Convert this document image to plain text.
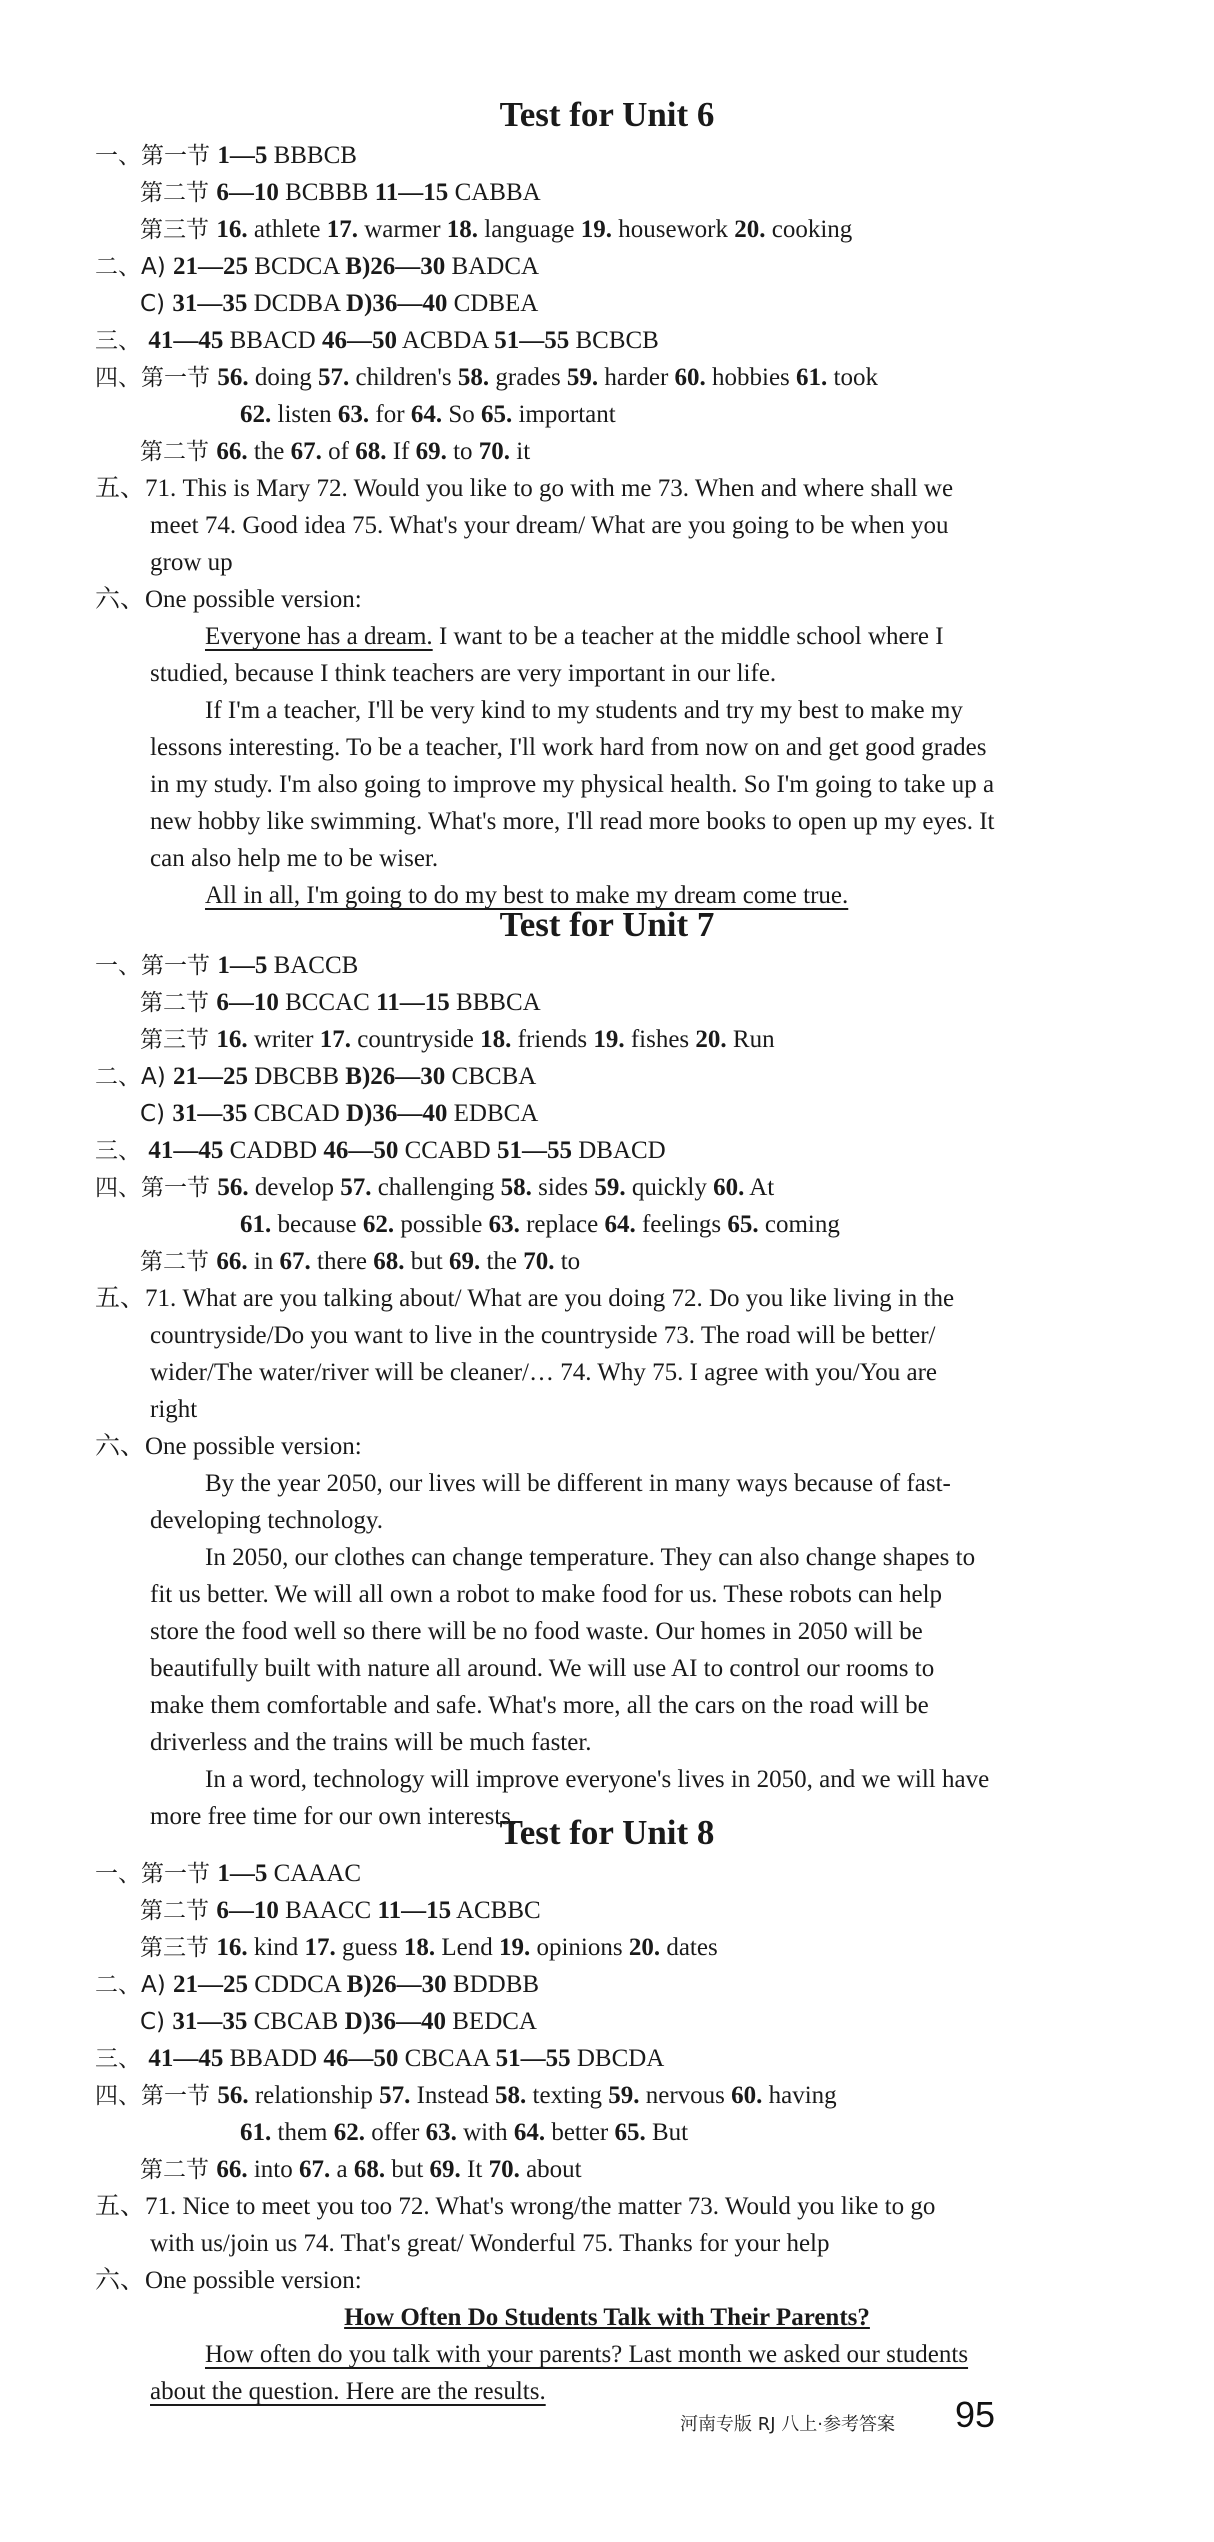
Test for Unit 6
一、第一节 1—5 BBBCB
第二节 6—10 BCBBB 11—15 CABBA
第三节 16. athlete 17. warmer 18. language 19. housework 20. cooking
二、A) 21—25 BCDCA B)26—30 BADCA
C) 31—35 DCDBA D)36—40 CDBEA
三、 41—45 BBACD 46—50 ACBDA 51—55 BCBCB
四、第一节 56. doing 57. children's 58. grades 59. harder 60. hobbies 61. took
62. listen 63. for 64. So 65. important
第二节 66. the 67. of 68. If 69. to 70. it
五、71. This is Mary 72. Would you like to go with me 73. When and where shall we
meet 74. Good idea 75. What's your dream/ What are you going to be when you
grow up
六、One possible version:
Everyone has a dream. I want to be a teacher at the middle school where I
studied, because I think teachers are very important in our life.
If I'm a teacher, I'll be very kind to my students and try my best to make my
lessons interesting. To be a teacher, I'll work hard from now on and get good grades
in my study. I'm also going to improve my physical health. So I'm going to take up a
new hobby like swimming. What's more, I'll read more books to open up my eyes. It
can also help me to be wiser.
All in all, I'm going to do my best to make my dream come true.
Test for Unit 7
一、第一节 1—5 BACCB
第二节 6—10 BCCAC 11—15 BBBCA
第三节 16. writer 17. countryside 18. friends 19. fishes 20. Run
二、A) 21—25 DBCBB B)26—30 CBCBA
C) 31—35 CBCAD D)36—40 EDBCA
三、 41—45 CADBD 46—50 CCABD 51—55 DBACD
四、第一节 56. develop 57. challenging 58. sides 59. quickly 60. At
61. because 62. possible 63. replace 64. feelings 65. coming
第二节 66. in 67. there 68. but 69. the 70. to
五、71. What are you talking about/ What are you doing 72. Do you like living in the
countryside/Do you want to live in the countryside 73. The road will be better/
wider/The water/river will be cleaner/… 74. Why 75. I agree with you/You are
right
六、One possible version:
By the year 2050, our lives will be different in many ways because of fast-
developing technology.
In 2050, our clothes can change temperature. They can also change shapes to
fit us better. We will all own a robot to make food for us. These robots can help
store the food well so there will be no food waste. Our homes in 2050 will be
beautifully built with nature all around. We will use AI to control our rooms to
make them comfortable and safe. What's more, all the cars on the road will be
driverless and the trains will be much faster.
In a word, technology will improve everyone's lives in 2050, and we will have
more free time for our own interests.
Test for Unit 8
一、第一节 1—5 CAAAC
第二节 6—10 BAACC 11—15 ACBBC
第三节 16. kind 17. guess 18. Lend 19. opinions 20. dates
二、A) 21—25 CDDCA B)26—30 BDDBB
C) 31—35 CBCAB D)36—40 BEDCA
三、 41—45 BBADD 46—50 CBCAA 51—55 DBCDA
四、第一节 56. relationship 57. Instead 58. texting 59. nervous 60. having
61. them 62. offer 63. with 64. better 65. But
第二节 66. into 67. a 68. but 69. It 70. about
五、71. Nice to meet you too 72. What's wrong/the matter 73. Would you like to go
with us/join us 74. That's great/ Wonderful 75. Thanks for your help
六、One possible version:
How Often Do Students Talk with Their Parents?
How often do you talk with your parents? Last month we asked our students
about the question. Here are the results.
河南专版 RJ 八上·参考答案 95
